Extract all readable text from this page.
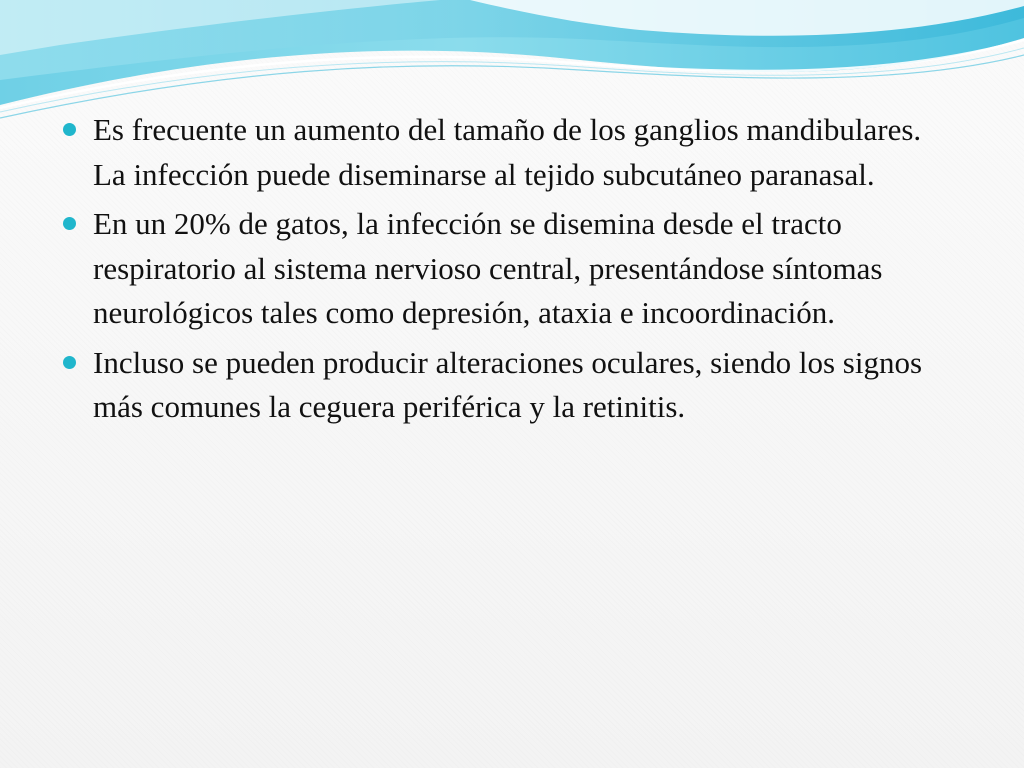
Es frecuente un aumento del tamaño de los ganglios mandibulares. La infección puede diseminarse al tejido subcutáneo paranasal.
En un 20% de gatos, la infección se disemina desde el tracto respiratorio al sistema nervioso central, presentándose síntomas neurológicos tales como depresión, ataxia e incoordinación.
Incluso se pueden producir alteraciones oculares, siendo los signos más comunes la ceguera periférica y la retinitis.
